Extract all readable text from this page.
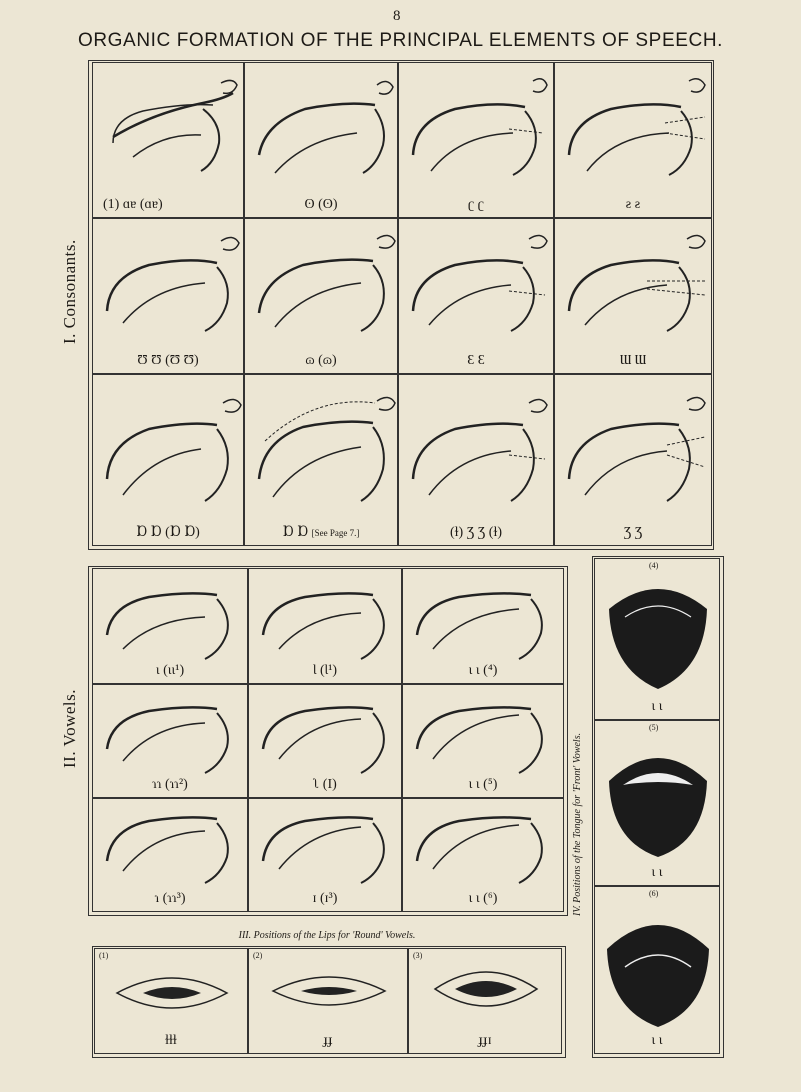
8
ORGANIC FORMATION OF THE PRINCIPAL ELEMENTS OF SPEECH.
I. Consonants.
II. Vowels.
(1) ɑɐ (ɑɐ)	ʘ (ʘ)	ʗ ʗ	ƨ ƨ
Ʊ Ʊ (Ʊ Ʊ)	ɷ (ɷ)	Ɛ Ɛ	Ɯ Ɯ
Ɒ Ɒ (Ɒ Ɒ)	Ɒ Ɒ [See Page 7.]	(ɫ) Ʒ Ʒ (ɫ)	Ʒ Ʒ
ɩ (ɩɩ¹)	Ɩ (Ɩ¹)	ɩ ɩ (⁴)
ɿɿ (ɿɿ²)	ʅ (I)	ɩ ɩ (⁵)
ɿ (ɿɿ³)	ɪ (ɪ³)	ɩ ɩ (⁶)
III. Positions of the Lips for 'Round' Vowels.
(1)
ɫɫɫ
(2)
ɟɟ
(3)
ɟɟɪ
IV. Positions of the Tongue for 'Front' Vowels.
(4)
ɩ ɩ
(5)
ɩ ɩ
(6)
ɩ ɩ
